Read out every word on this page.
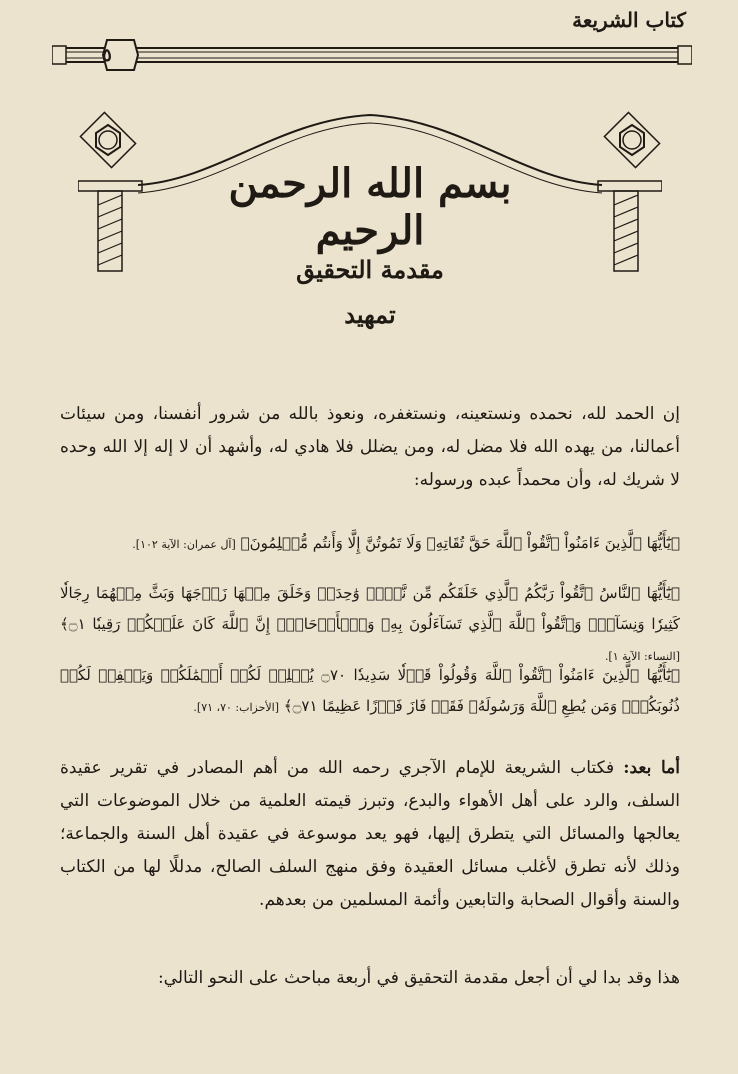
كتاب الشريعة
٥
بسم الله الرحمن الرحيم
مقدمة التحقيق
تمهيد
إن الحمد لله، نحمده ونستعينه، ونستغفره، ونعوذ بالله من شرور أنفسنا، ومن سيئات أعمالنا، من يهده الله فلا مضل له، ومن يضلل فلا هادي له، وأشهد أن لا إله إلا الله وحده لا شريك له، وأن محمداً عبده ورسوله:
﴿يَٰٓأَيُّهَا ٱلَّذِينَ ءَامَنُواْ ٱتَّقُواْ ٱللَّهَ حَقَّ تُقَاتِهِۦ وَلَا تَمُوتُنَّ إِلَّا وَأَنتُم مُّسۡلِمُونَ﴾ [آل عمران: الآية ١٠٢].
﴿يَٰٓأَيُّهَا ٱلنَّاسُ ٱتَّقُواْ رَبَّكُمُ ٱلَّذِي خَلَقَكُم مِّن نَّفۡسٖ وَٰحِدَةٖ وَخَلَقَ مِنۡهَا زَوۡجَهَا وَبَثَّ مِنۡهُمَا رِجَالٗا كَثِيرٗا وَنِسَآءٗۚ وَٱتَّقُواْ ٱللَّهَ ٱلَّذِي تَسَآءَلُونَ بِهِۦ وَٱلۡأَرۡحَامَۚ إِنَّ ٱللَّهَ كَانَ عَلَيۡكُمۡ رَقِيبٗا ۝١﴾ [النساء: الآية ١].
﴿يَٰٓأَيُّهَا ٱلَّذِينَ ءَامَنُواْ ٱتَّقُواْ ٱللَّهَ وَقُولُواْ قَوۡلٗا سَدِيدٗا ۝٧٠ يُصۡلِحۡ لَكُمۡ أَعۡمَٰلَكُمۡ وَيَغۡفِرۡ لَكُمۡ ذُنُوبَكُمۡۗ وَمَن يُطِعِ ٱللَّهَ وَرَسُولَهُۥ فَقَدۡ فَازَ فَوۡزًا عَظِيمًا ۝٧١﴾ [الأحزاب: ٧٠، ٧١].
أما بعد: فكتاب الشريعة للإمام الآجري رحمه الله من أهم المصادر في تقرير عقيدة السلف، والرد على أهل الأهواء والبدع، وتبرز قيمته العلمية من خلال الموضوعات التي يعالجها والمسائل التي يتطرق إليها، فهو يعد موسوعة في عقيدة أهل السنة والجماعة؛ وذلك لأنه تطرق لأغلب مسائل العقيدة وفق منهج السلف الصالح، مدللًا لها من الكتاب والسنة وأقوال الصحابة والتابعين وأئمة المسلمين من بعدهم.
هذا وقد بدا لي أن أجعل مقدمة التحقيق في أربعة مباحث على النحو التالي:
